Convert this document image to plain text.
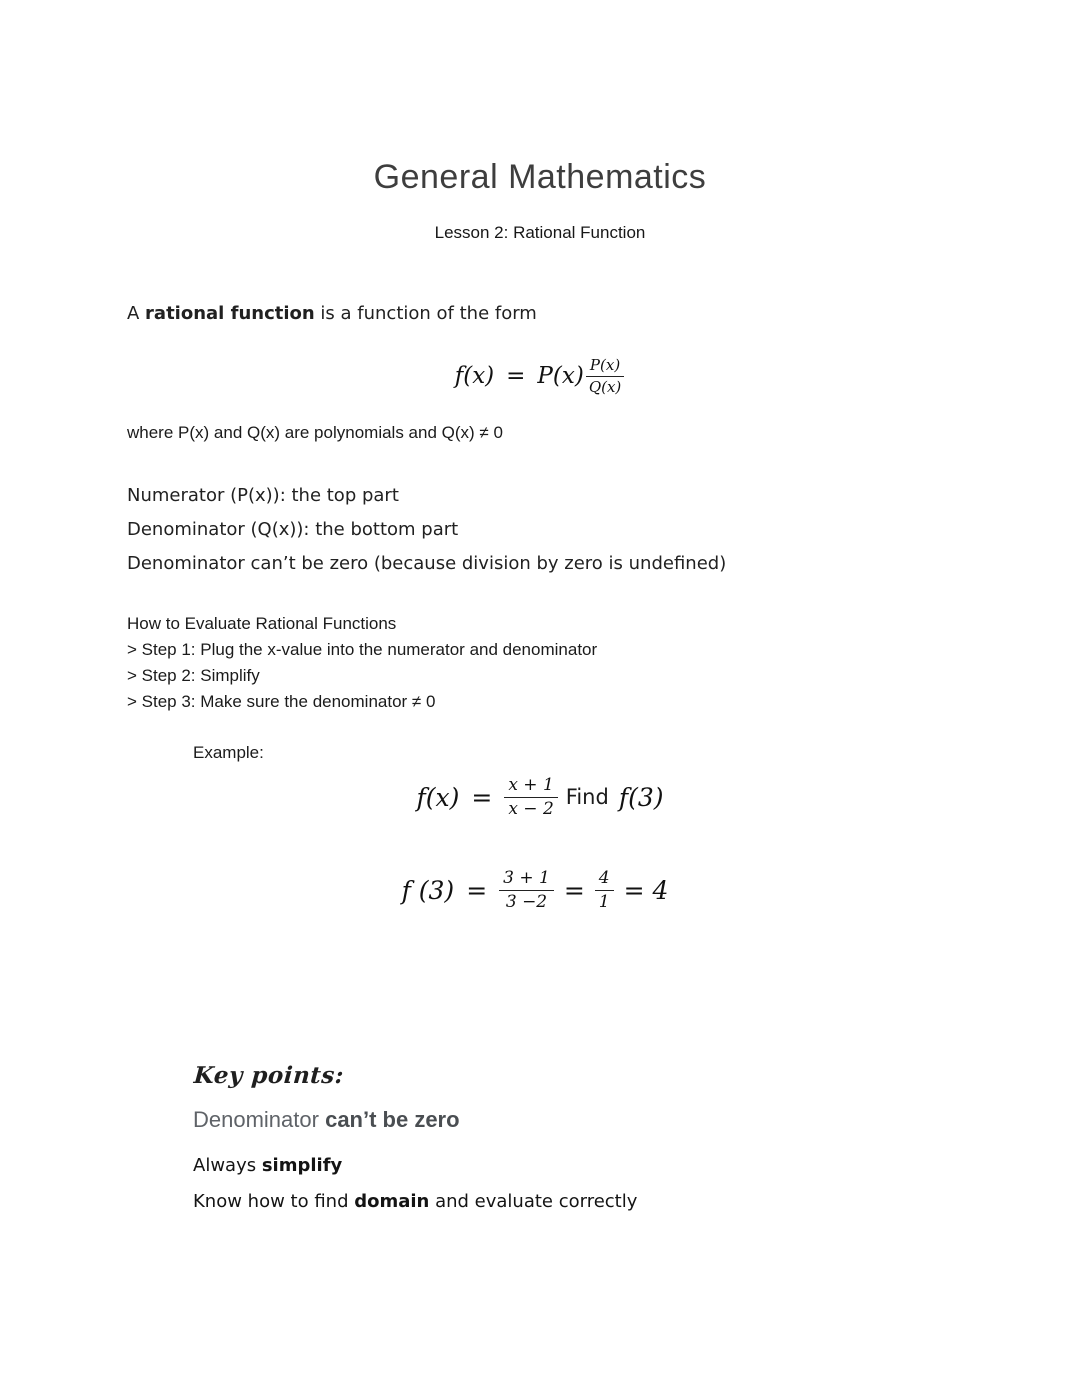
General Mathematics
Lesson 2: Rational Function

A rational function is a function of the form

$f(x) = P(x) \frac{P(x)}{Q(x)}$

where P(x) and Q(x) are polynomials and Q(x) ≠ 0

Numerator (P(x)): the top part
Denominator (Q(x)): the bottom part
Denominator can’t be zero (because division by zero is undefined)
How to Evaluate Rational Functions
> Step 1: Plug the x-value into the numerator and denominator
> Step 2: Simplify
> Step 3: Make sure the denominator ≠ 0

Example:

$f(x) = \frac{x + 1}{x - 2}$ Find f(3)
f $(3) = \frac{3 + 1}{3 -2} = \frac{4}{1} = 4$
Key points:

Denominator can’t be zero

Always simplify

Know how to find domain and evaluate correctly
